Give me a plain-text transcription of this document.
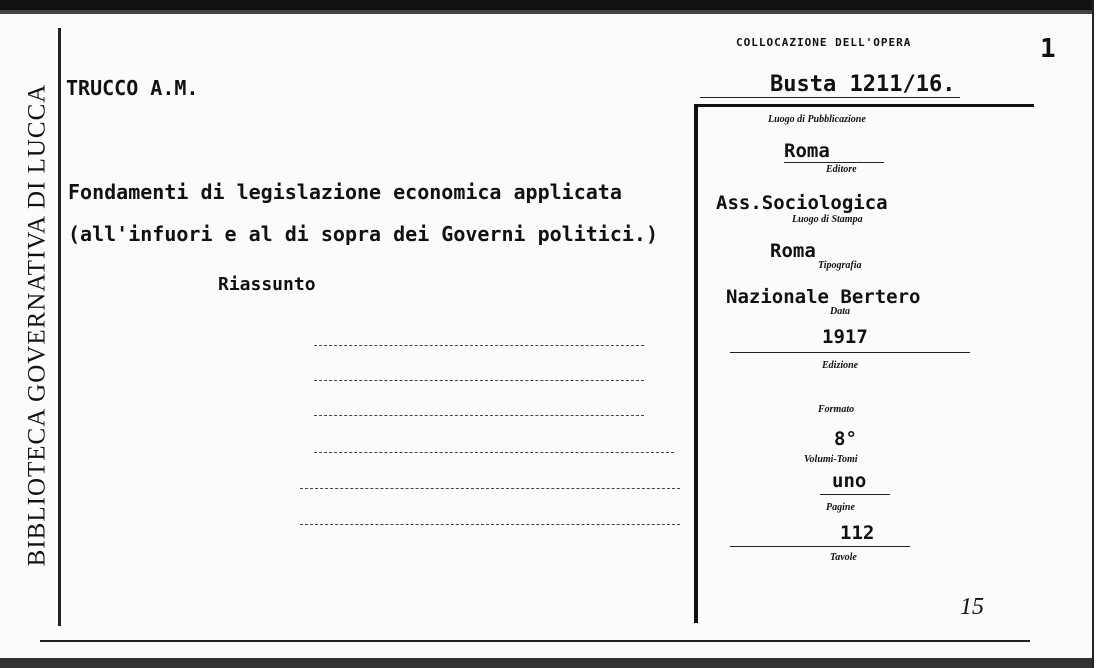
BIBLIOTECA GOVERNATIVA DI LUCCA TRUCCO A.M.
COLLOCAZIONE DELL'OPERA
Busta 1211/16.
1
Fondamenti di legislazione economica applicata
(all'infuori e al di sopra dei Governi politici.)
Riassunto
Luogo di Pubblicazione
Roma
Editore
Ass.Sociologica
Luogo di Stampa
Roma
Tipografia
Nazionale Bertero
Data
1917
Edizione
Formato
8°
Volumi-Tomi
uno
Pagine
112
Tavole
15
